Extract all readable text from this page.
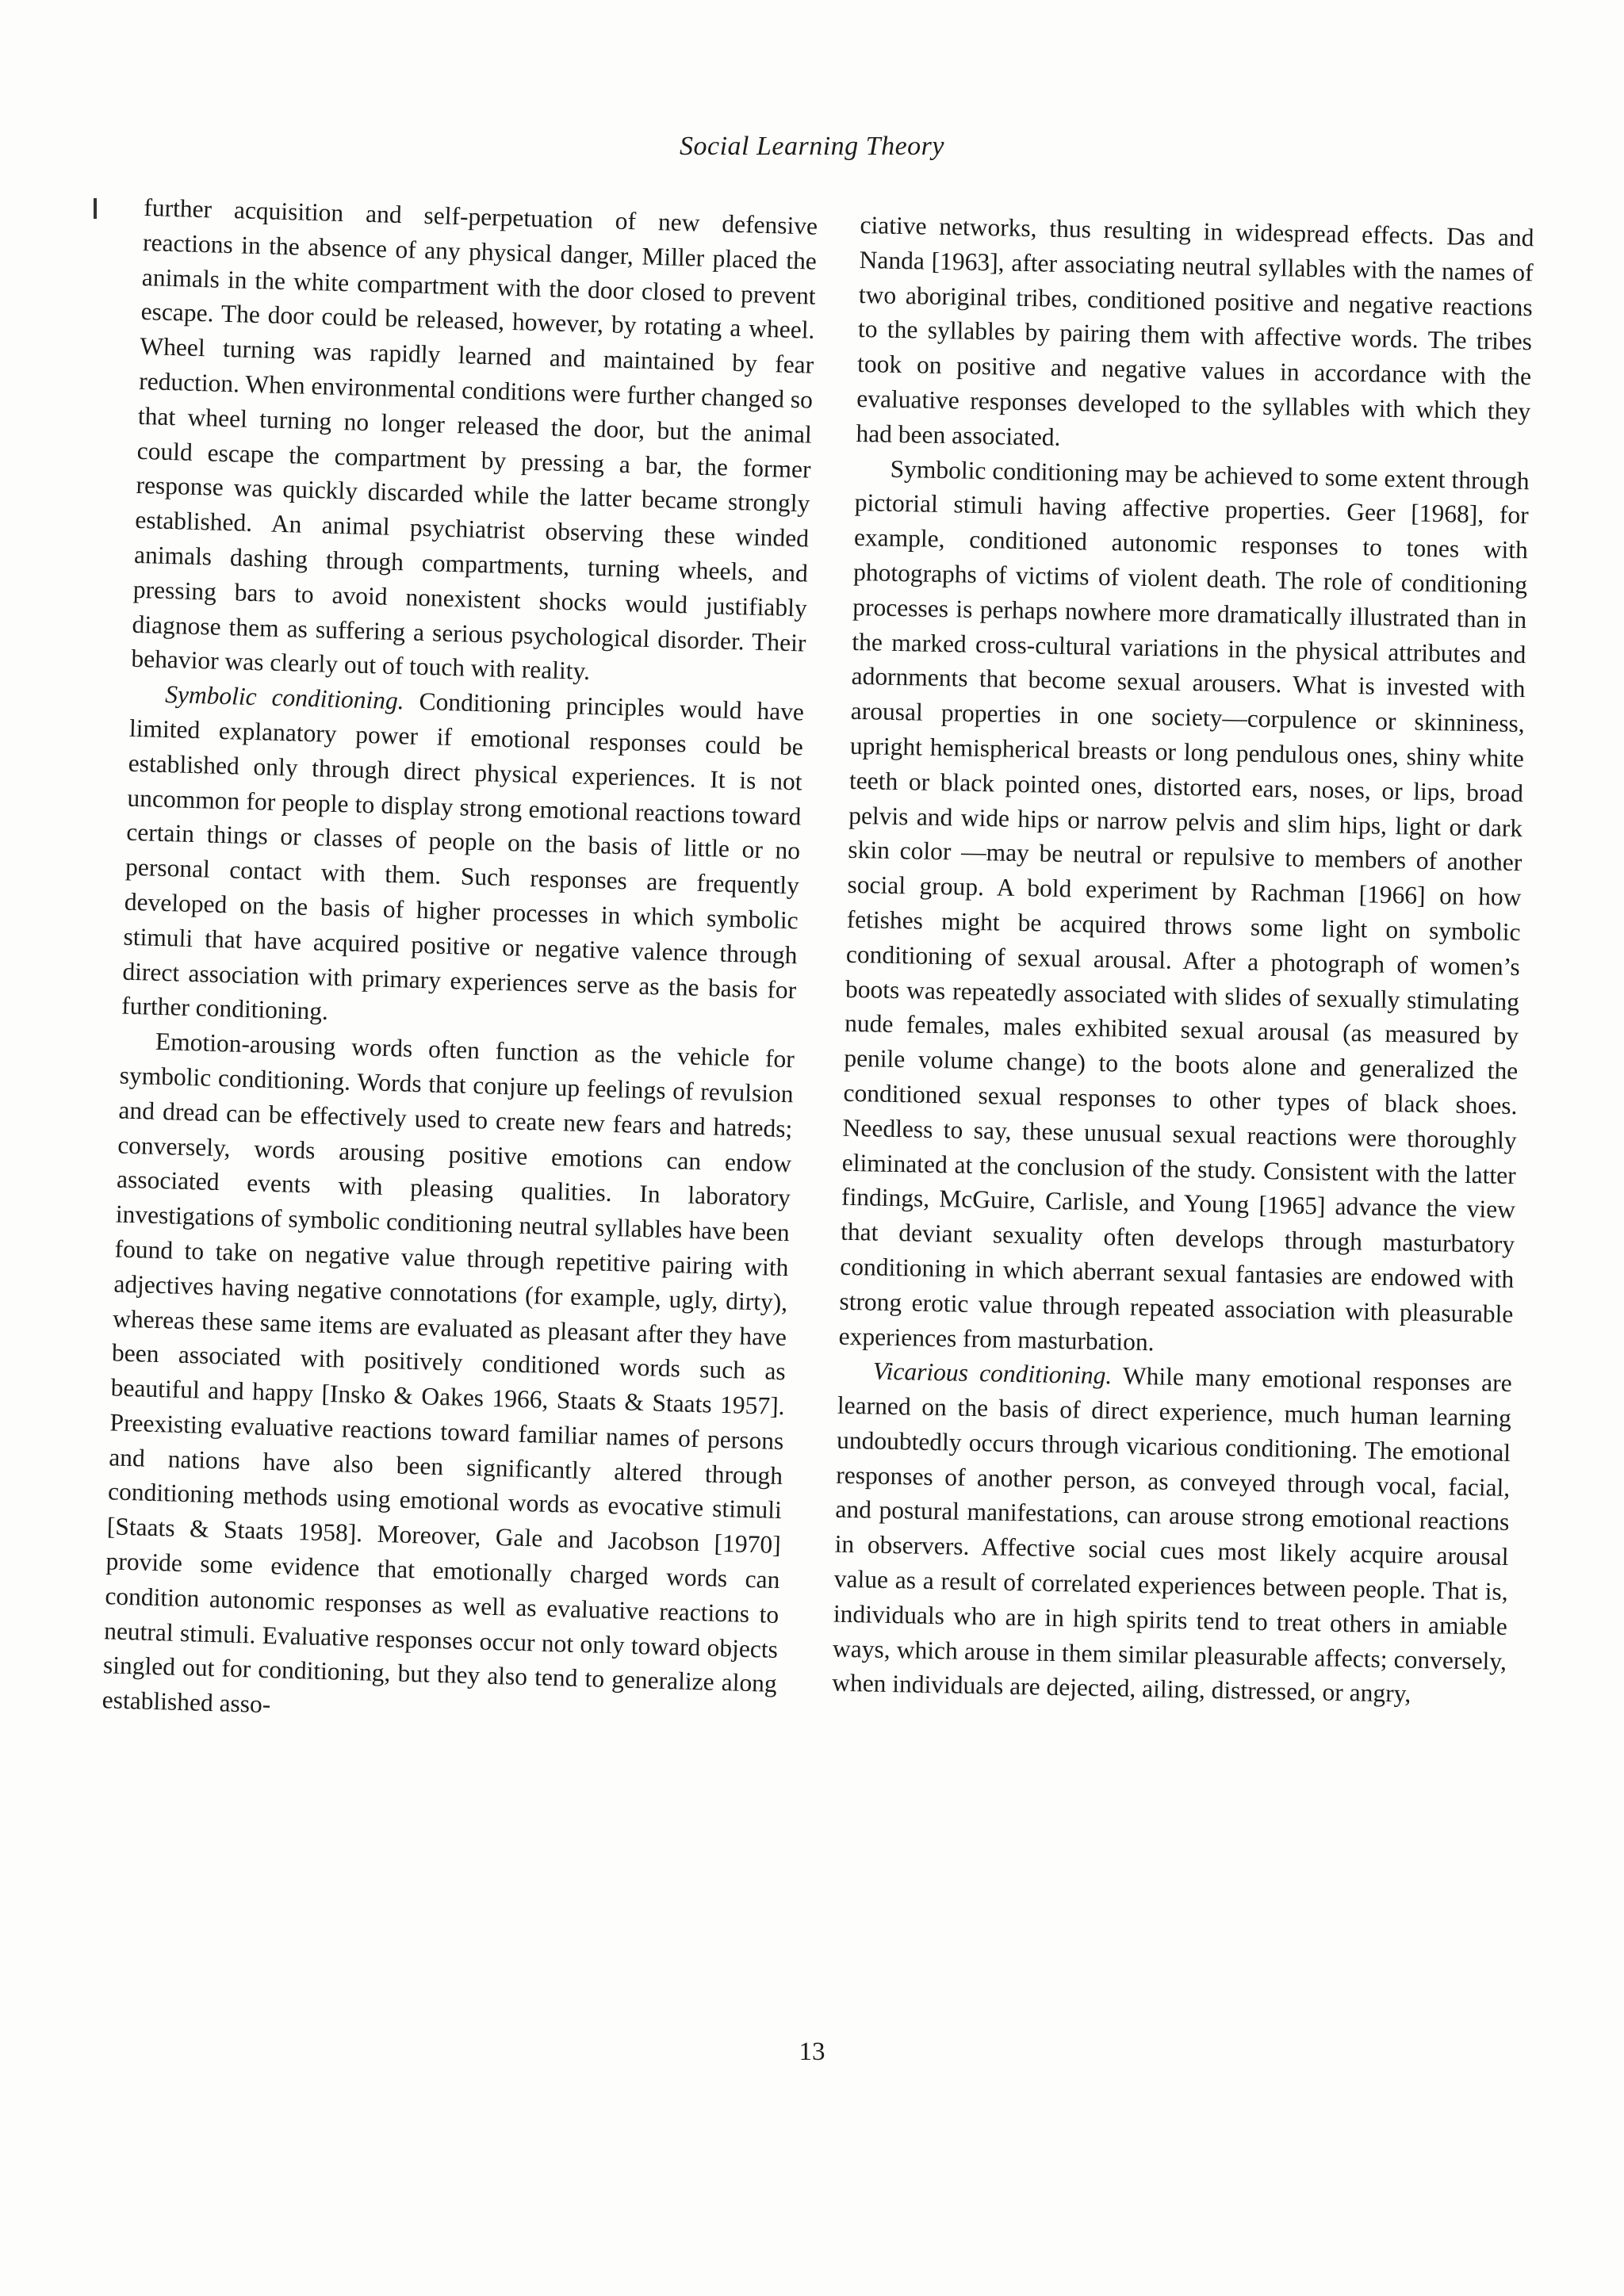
Social Learning Theory

further acquisition and self-perpetuation of new defensive reactions in the absence of any physical danger, Miller placed the animals in the white compartment with the door closed to prevent escape. The door could be released, however, by rotating a wheel. Wheel turning was rapidly learned and maintained by fear reduction. When environmental conditions were further changed so that wheel turning no longer released the door, but the animal could escape the compartment by pressing a bar, the former response was quickly discarded while the latter became strongly established. An animal psychiatrist observing these winded animals dashing through compartments, turning wheels, and pressing bars to avoid nonexistent shocks would justifiably diagnose them as suffering a serious psychological disorder. Their behavior was clearly out of touch with reality.

Symbolic conditioning. Conditioning principles would have limited explanatory power if emotional responses could be established only through direct physical experiences. It is not uncommon for people to display strong emotional reactions toward certain things or classes of people on the basis of little or no personal contact with them. Such responses are frequently developed on the basis of higher processes in which symbolic stimuli that have acquired positive or negative valence through direct association with primary experiences serve as the basis for further conditioning.

Emotion-arousing words often function as the vehicle for symbolic conditioning. Words that conjure up feelings of revulsion and dread can be effectively used to create new fears and hatreds; conversely, words arousing positive emotions can endow associated events with pleasing qualities. In laboratory investigations of symbolic conditioning neutral syllables have been found to take on negative value through repetitive pairing with adjectives having negative connotations (for example, ugly, dirty), whereas these same items are evaluated as pleasant after they have been associated with positively conditioned words such as beautiful and happy [Insko & Oakes 1966, Staats & Staats 1957]. Preexisting evaluative reactions toward familiar names of persons and nations have also been significantly altered through conditioning methods using emotional words as evocative stimuli [Staats & Staats 1958]. Moreover, Gale and Jacobson [1970] provide some evidence that emotionally charged words can condition autonomic responses as well as evaluative reactions to neutral stimuli. Evaluative responses occur not only toward objects singled out for conditioning, but they also tend to generalize along established asso-

ciative networks, thus resulting in widespread effects. Das and Nanda [1963], after associating neutral syllables with the names of two aboriginal tribes, conditioned positive and negative reactions to the syllables by pairing them with affective words. The tribes took on positive and negative values in accordance with the evaluative responses developed to the syllables with which they had been associated.

Symbolic conditioning may be achieved to some extent through pictorial stimuli having affective properties. Geer [1968], for example, conditioned autonomic responses to tones with photographs of victims of violent death. The role of conditioning processes is perhaps nowhere more dramatically illustrated than in the marked cross-cultural variations in the physical attributes and adornments that become sexual arousers. What is invested with arousal properties in one society—corpulence or skinniness, upright hemispherical breasts or long pendulous ones, shiny white teeth or black pointed ones, distorted ears, noses, or lips, broad pelvis and wide hips or narrow pelvis and slim hips, light or dark skin color —may be neutral or repulsive to members of another social group. A bold experiment by Rachman [1966] on how fetishes might be acquired throws some light on symbolic conditioning of sexual arousal. After a photograph of women’s boots was repeatedly associated with slides of sexually stimulating nude females, males exhibited sexual arousal (as measured by penile volume change) to the boots alone and generalized the conditioned sexual responses to other types of black shoes. Needless to say, these unusual sexual reactions were thoroughly eliminated at the conclusion of the study. Consistent with the latter findings, McGuire, Carlisle, and Young [1965] advance the view that deviant sexuality often develops through masturbatory conditioning in which aberrant sexual fantasies are endowed with strong erotic value through repeated association with pleasurable experiences from masturbation.

Vicarious conditioning. While many emotional responses are learned on the basis of direct experience, much human learning undoubtedly occurs through vicarious conditioning. The emotional responses of another person, as conveyed through vocal, facial, and postural manifestations, can arouse strong emotional reactions in observers. Affective social cues most likely acquire arousal value as a result of correlated experiences between people. That is, individuals who are in high spirits tend to treat others in amiable ways, which arouse in them similar pleasurable affects; conversely, when individuals are dejected, ailing, distressed, or angry,

13
